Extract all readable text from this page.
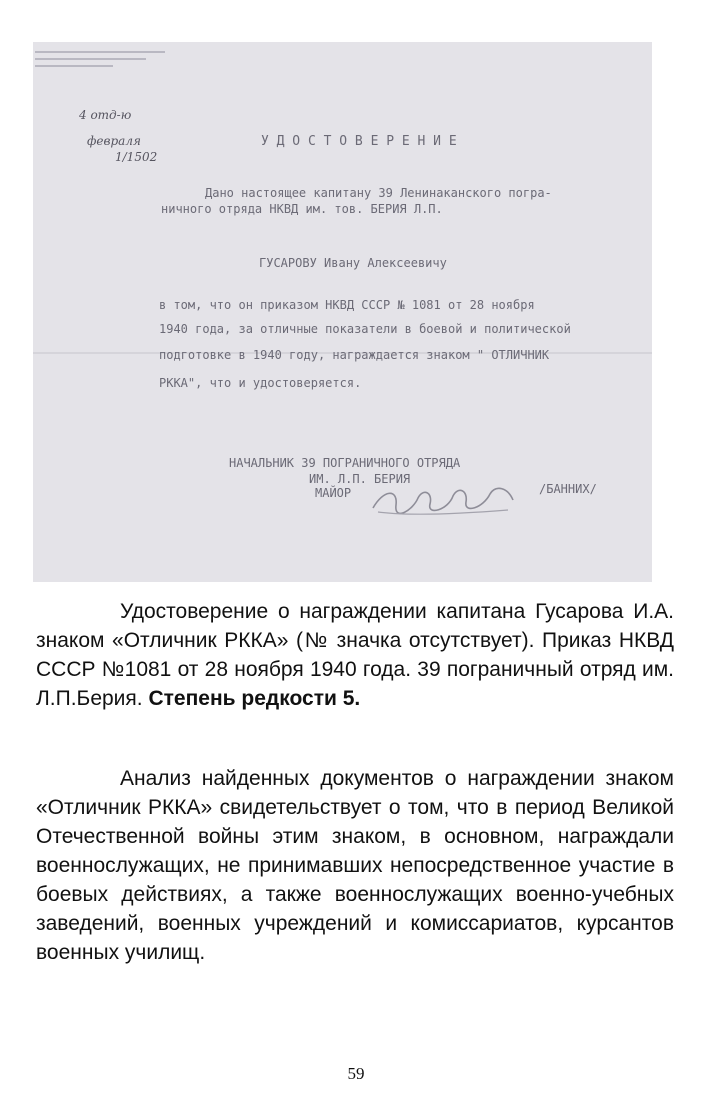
4 отд-ю
февраля
1/1502
У Д О С Т О В Е Р Е Н И Е
Дано настоящее капитану 39 Ленинаканского погра-
ничного отряда НКВД им. тов. БЕРИЯ Л.П.
ГУСАРОВУ Ивану Алексеевичу
в том, что он приказом НКВД СССР № 1081 от 28 ноября
1940 года, за отличные показатели в боевой и политической
подготовке в 1940 году, награждается знаком " ОТЛИЧНИК
РККА", что и удостоверяется.
НАЧАЛЬНИК 39 ПОГРАНИЧНОГО ОТРЯДА
ИМ. Л.П. БЕРИЯ
МАЙОР	/БАННИХ/

Удостоверение о награждении капитана Гусарова И.А. знаком «Отличник РККА» (№ значка отсутствует). Приказ НКВД СССР №1081 от 28 ноября 1940 года. 39 пограничный отряд им. Л.П.Берия. Степень редкости 5.

Анализ найденных документов о награждении знаком «Отличник РККА» свидетельствует о том, что в период Великой Отечественной войны этим знаком, в основном, награждали военнослужащих, не принимавших непосредственное участие в боевых действиях, а также военнослужащих военно-учебных заведений, военных учреждений и комиссариатов, курсантов военных училищ.

59
